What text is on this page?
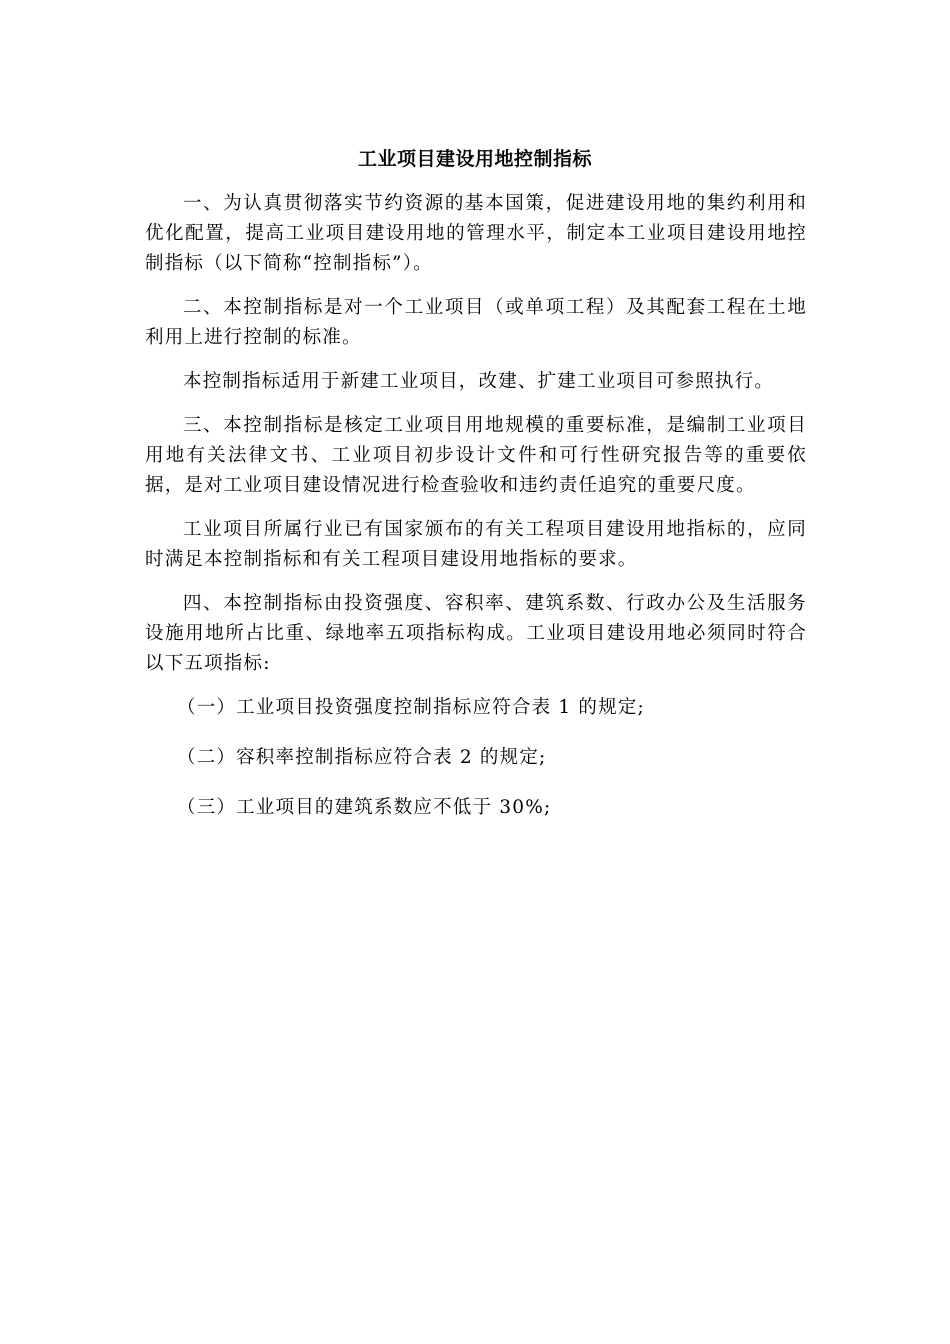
工业项目建设用地控制指标

一、为认真贯彻落实节约资源的基本国策，促进建设用地的集约利用和优化配置，提高工业项目建设用地的管理水平，制定本工业项目建设用地控制指标（以下简称“控制指标”）。

二、本控制指标是对一个工业项目（或单项工程）及其配套工程在土地利用上进行控制的标准。

本控制指标适用于新建工业项目，改建、扩建工业项目可参照执行。

三、本控制指标是核定工业项目用地规模的重要标准，是编制工业项目用地有关法律文书、工业项目初步设计文件和可行性研究报告等的重要依据，是对工业项目建设情况进行检查验收和违约责任追究的重要尺度。

工业项目所属行业已有国家颁布的有关工程项目建设用地指标的，应同时满足本控制指标和有关工程项目建设用地指标的要求。

四、本控制指标由投资强度、容积率、建筑系数、行政办公及生活服务设施用地所占比重、绿地率五项指标构成。工业项目建设用地必须同时符合以下五项指标:

（一）工业项目投资强度控制指标应符合表 1 的规定;

（二）容积率控制指标应符合表 2 的规定;

（三）工业项目的建筑系数应不低于 30%;
